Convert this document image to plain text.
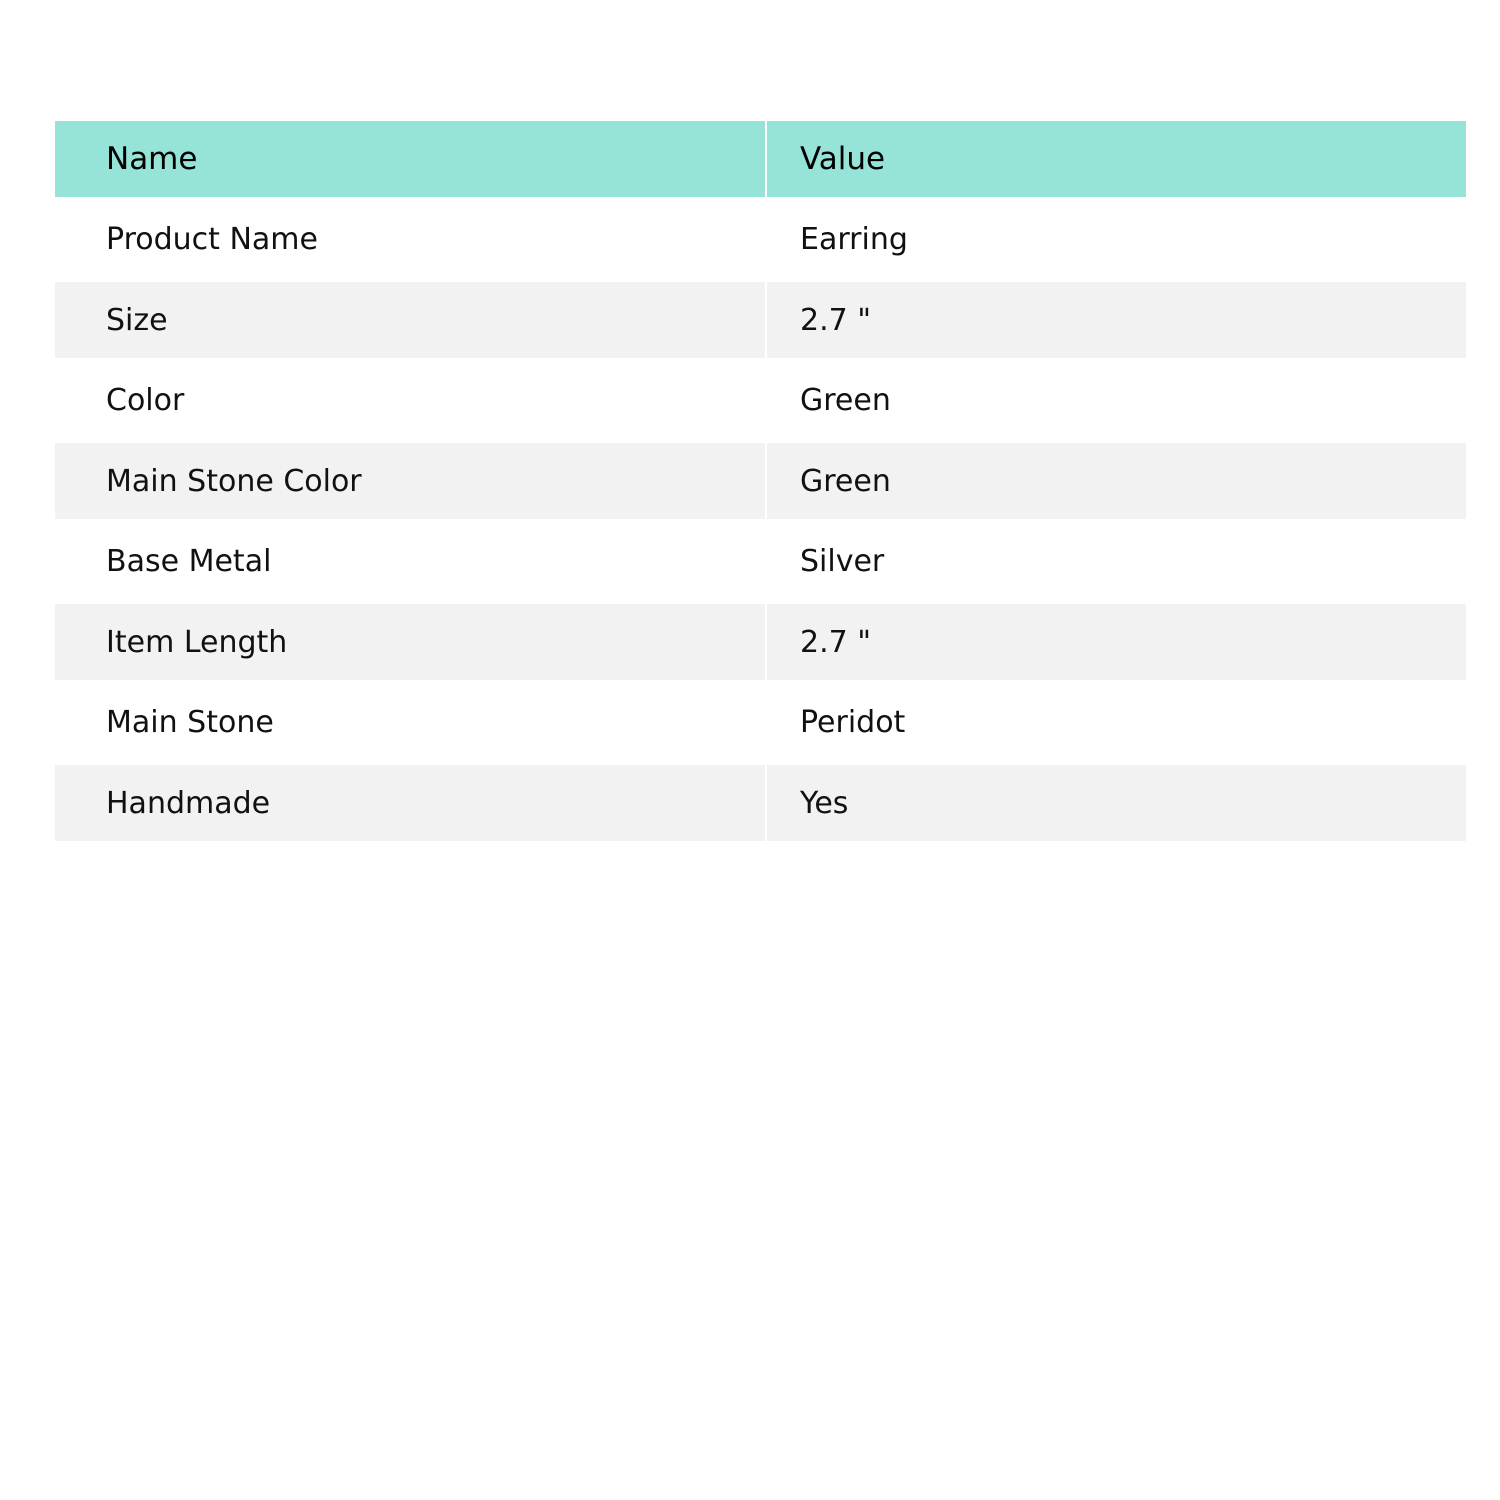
Name	Value
Product Name	Earring
Size	2.7 "
Color	Green
Main Stone Color	Green
Base Metal	Silver
Item Length	2.7 "
Main Stone	Peridot
Handmade	Yes
